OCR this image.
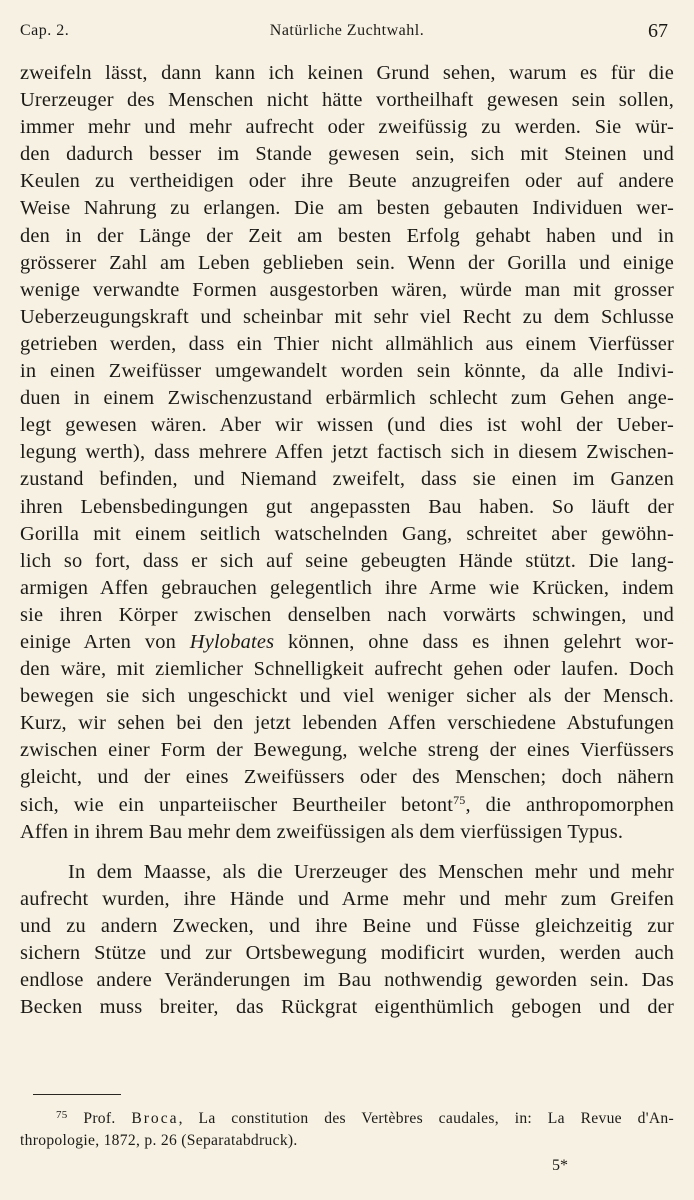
Cap. 2.	Natürliche Zuchtwahl.	67
zweifeln lässt, dann kann ich keinen Grund sehen, warum es für die
Urerzeuger des Menschen nicht hätte vortheilhaft gewesen sein sollen,
immer mehr und mehr aufrecht oder zweifüssig zu werden. Sie wür-
den dadurch besser im Stande gewesen sein, sich mit Steinen und
Keulen zu vertheidigen oder ihre Beute anzugreifen oder auf andere
Weise Nahrung zu erlangen. Die am besten gebauten Individuen wer-
den in der Länge der Zeit am besten Erfolg gehabt haben und in
grösserer Zahl am Leben geblieben sein. Wenn der Gorilla und einige
wenige verwandte Formen ausgestorben wären, würde man mit grosser
Ueberzeugungskraft und scheinbar mit sehr viel Recht zu dem Schlusse
getrieben werden, dass ein Thier nicht allmählich aus einem Vierfüsser
in einen Zweifüsser umgewandelt worden sein könnte, da alle Indivi-
duen in einem Zwischenzustand erbärmlich schlecht zum Gehen ange-
legt gewesen wären. Aber wir wissen (und dies ist wohl der Ueber-
legung werth), dass mehrere Affen jetzt factisch sich in diesem Zwischen-
zustand befinden, und Niemand zweifelt, dass sie einen im Ganzen
ihren Lebensbedingungen gut angepassten Bau haben. So läuft der
Gorilla mit einem seitlich watschelnden Gang, schreitet aber gewöhn-
lich so fort, dass er sich auf seine gebeugten Hände stützt. Die lang-
armigen Affen gebrauchen gelegentlich ihre Arme wie Krücken, indem
sie ihren Körper zwischen denselben nach vorwärts schwingen, und
einige Arten von Hylobates können, ohne dass es ihnen gelehrt wor-
den wäre, mit ziemlicher Schnelligkeit aufrecht gehen oder laufen. Doch
bewegen sie sich ungeschickt und viel weniger sicher als der Mensch.
Kurz, wir sehen bei den jetzt lebenden Affen verschiedene Abstufungen
zwischen einer Form der Bewegung, welche streng der eines Vierfüssers
gleicht, und der eines Zweifüssers oder des Menschen; doch nähern
sich, wie ein unparteiischer Beurtheiler betont$^{75}$, die anthropomorphen
Affen in ihrem Bau mehr dem zweifüssigen als dem vierfüssigen Typus.
In dem Maasse, als die Urerzeuger des Menschen mehr und mehr
aufrecht wurden, ihre Hände und Arme mehr und mehr zum Greifen
und zu andern Zwecken, und ihre Beine und Füsse gleichzeitig zur
sichern Stütze und zur Ortsbewegung modificirt wurden, werden auch
endlose andere Veränderungen im Bau nothwendig geworden sein. Das
Becken muss breiter, das Rückgrat eigenthümlich gebogen und der
$^{75}$ Prof. Broca, La constitution des Vertèbres caudales, in: La Revue d'An-
thropologie, 1872, p. 26 (Separatabdruck).
5*
